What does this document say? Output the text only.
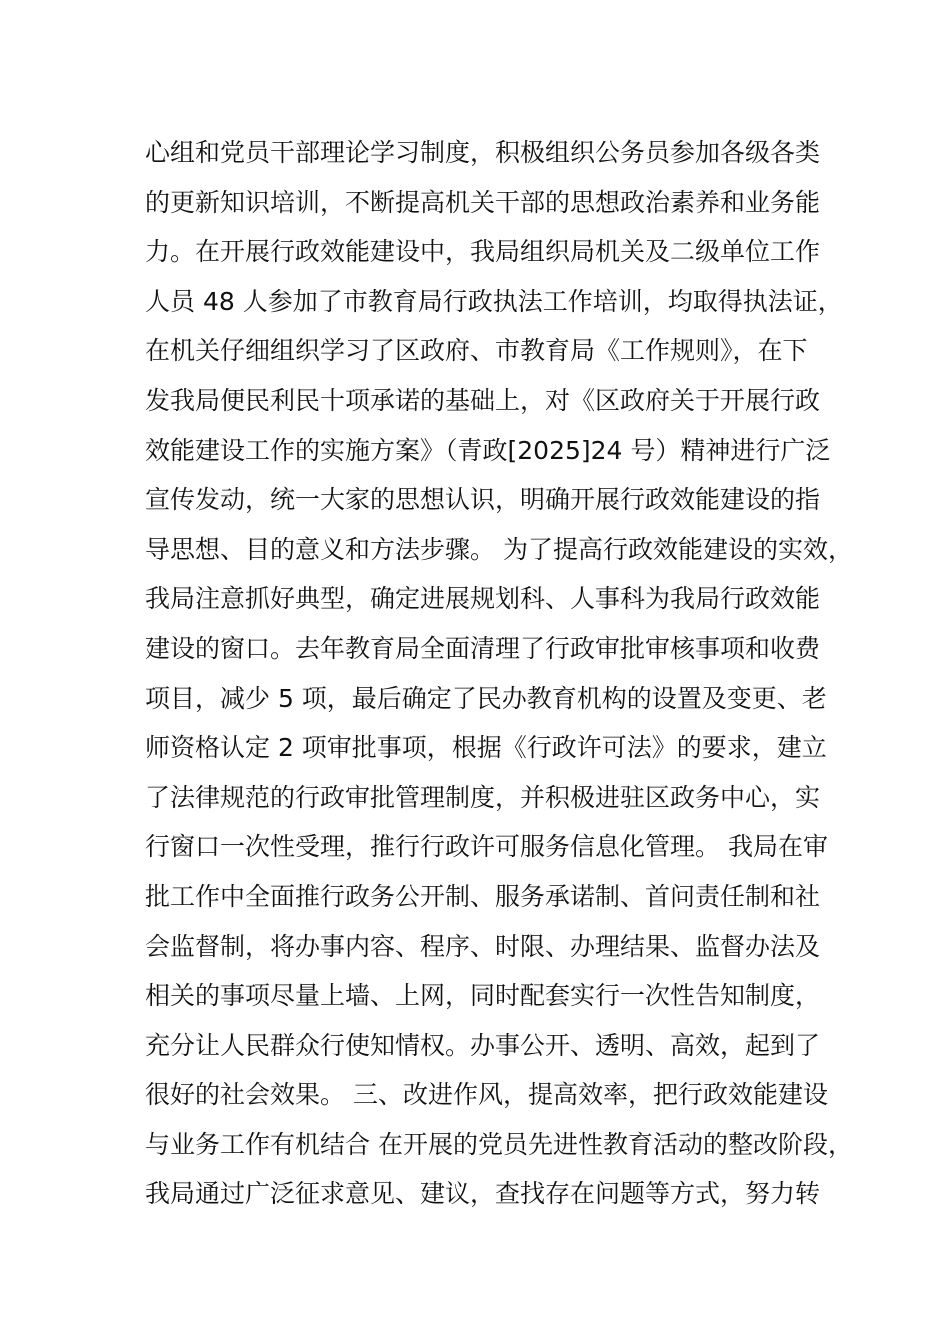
心组和党员干部理论学习制度，积极组织公务员参加各级各类
的更新知识培训，不断提高机关干部的思想政治素养和业务能
力。在开展行政效能建设中，我局组织局机关及二级单位工作
人员 48 人参加了市教育局行政执法工作培训，均取得执法证，
在机关仔细组织学习了区政府、市教育局《工作规则》，在下
发我局便民利民十项承诺的基础上，对《区政府关于开展行政
效能建设工作的实施方案》（青政[2025]24 号）精神进行广泛
宣传发动，统一大家的思想认识，明确开展行政效能建设的指
导思想、目的意义和方法步骤。 为了提高行政效能建设的实效，
我局注意抓好典型，确定进展规划科、人事科为我局行政效能
建设的窗口。去年教育局全面清理了行政审批审核事项和收费
项目，减少 5 项，最后确定了民办教育机构的设置及变更、老
师资格认定 2 项审批事项，根据《行政许可法》的要求，建立
了法律规范的行政审批管理制度，并积极进驻区政务中心，实
行窗口一次性受理，推行行政许可服务信息化管理。 我局在审
批工作中全面推行政务公开制、服务承诺制、首问责任制和社
会监督制，将办事内容、程序、时限、办理结果、监督办法及
相关的事项尽量上墙、上网，同时配套实行一次性告知制度，
充分让人民群众行使知情权。办事公开、透明、高效，起到了
很好的社会效果。 三、改进作风，提高效率，把行政效能建设
与业务工作有机结合 在开展的党员先进性教育活动的整改阶段，
我局通过广泛征求意见、建议，查找存在问题等方式，努力转
